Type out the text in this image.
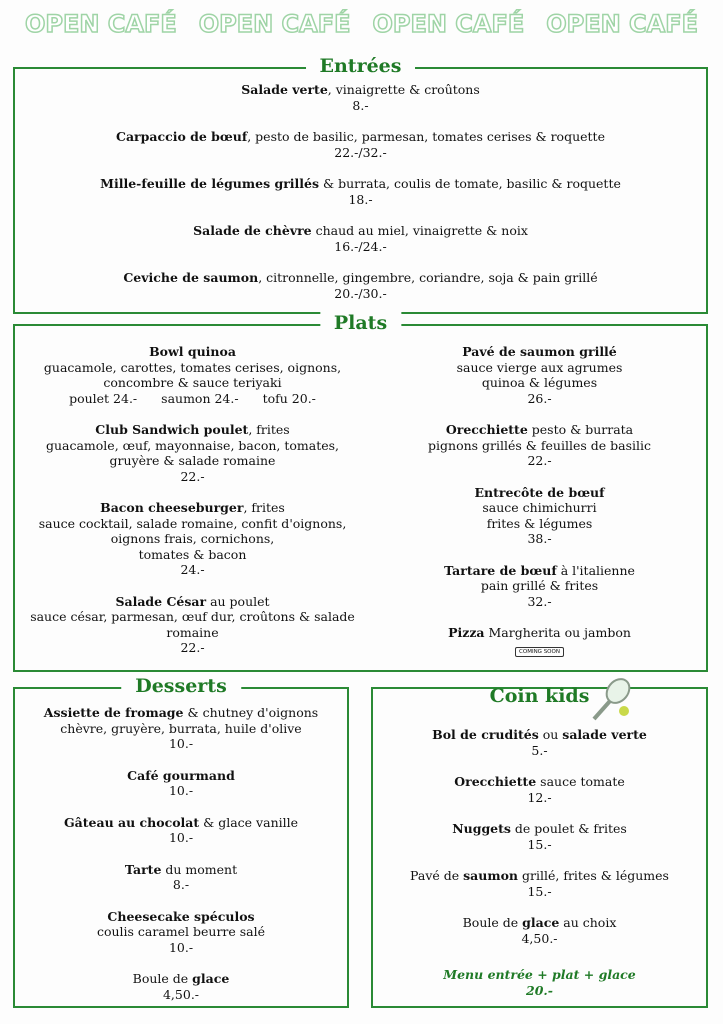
OPEN CAFÉ OPEN CAFÉ OPEN CAFÉ OPEN CAFÉ
Entrées
Salade verte, vinaigrette & croûtons
8.-
Carpaccio de bœuf, pesto de basilic, parmesan, tomates cerises & roquette
22.-/32.-
Mille-feuille de légumes grillés & burrata, coulis de tomate, basilic & roquette
18.-
Salade de chèvre chaud au miel, vinaigrette & noix
16.-/24.-
Ceviche de saumon, citronnelle, gingembre, coriandre, soja & pain grillé
20.-/30.-
Plats
Bowl quinoa
guacamole, carottes, tomates cerises, oignons,
concombre & sauce teriyaki
poulet 24.- saumon 24.- tofu 20.-
Club Sandwich poulet, frites
guacamole, œuf, mayonnaise, bacon, tomates,
gruyère & salade romaine
22.-
Bacon cheeseburger, frites
sauce cocktail, salade romaine, confit d'oignons,
oignons frais, cornichons,
tomates & bacon
24.-
Salade César au poulet
sauce césar, parmesan, œuf dur, croûtons & salade
romaine
22.-
Pavé de saumon grillé
sauce vierge aux agrumes
quinoa & légumes
26.-
Orecchiette pesto & burrata
pignons grillés & feuilles de basilic
22.-
Entrecôte de bœuf
sauce chimichurri
frites & légumes
38.-
Tartare de bœuf à l'italienne
pain grillé & frites
32.-
Pizza Margherita ou jambon
COMING SOON
Desserts
Assiette de fromage & chutney d'oignons
chèvre, gruyère, burrata, huile d'olive
10.-
Café gourmand
10.-
Gâteau au chocolat & glace vanille
10.-
Tarte du moment
8.-
Cheesecake spéculos
coulis caramel beurre salé
10.-
Boule de glace
4,50.-
Coin kids
Bol de crudités ou salade verte
5.-
Orecchiette sauce tomate
12.-
Nuggets de poulet & frites
15.-
Pavé de saumon grillé, frites & légumes
15.-
Boule de glace au choix
4,50.-
Menu entrée + plat + glace
20.-
